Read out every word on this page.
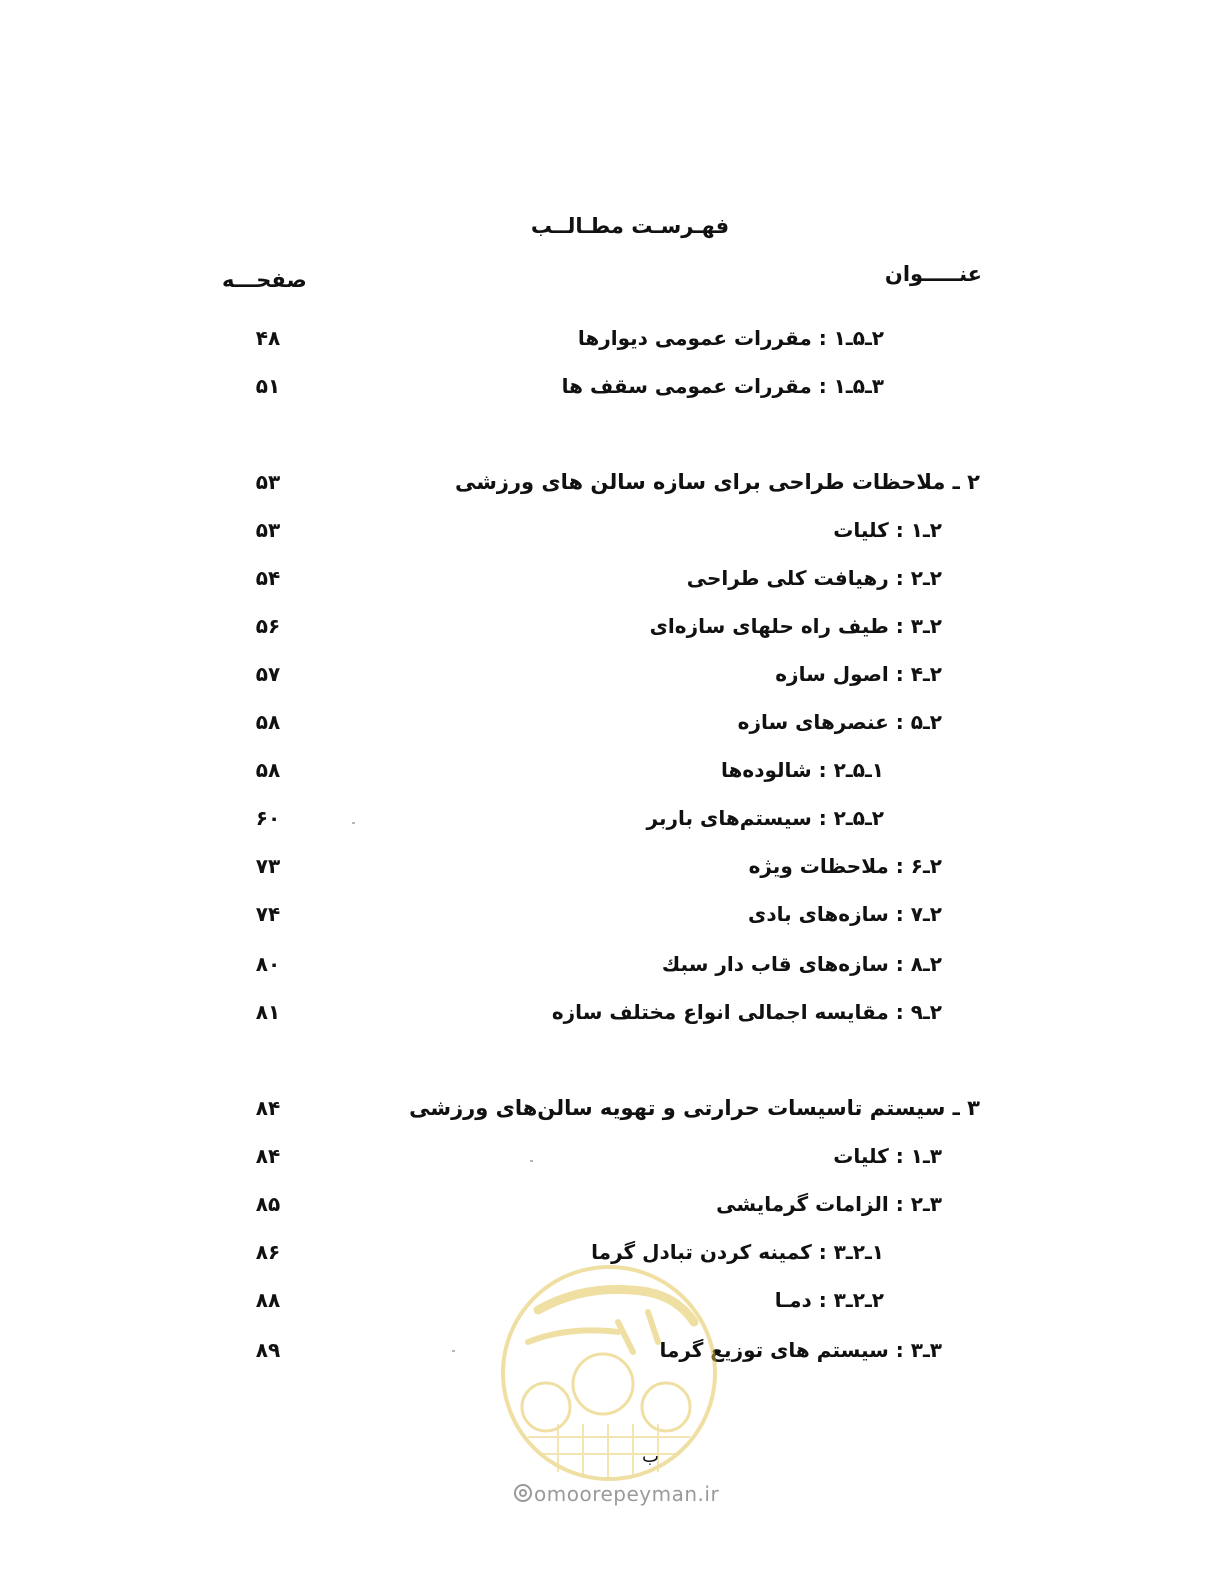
فهـرسـت مطـالــب
عنـــــوان
صفحـــه
۲ـ۵ـ۱ : مقررات عمومی دیوارها
۴۸
۳ـ۵ـ۱ : مقررات عمومی سقف ها
۵۱
۲ ـ ملاحظات طراحی برای سازه سالن های ورزشی
۵۳
۲ـ۱ : کلیات
۵۳
۲ـ۲ : رهیافت کلی طراحی
۵۴
۲ـ۳ : طیف راه حلهای سازه‌ای
۵۶
۲ـ۴ : اصول سازه
۵۷
۲ـ۵ : عنصرهای سازه
۵۸
۱ـ۵ـ۲ : شالوده‌ها
۵۸
۲ـ۵ـ۲ : سیستم‌های باربر
۶۰
۲ـ۶ : ملاحظات ویژه
۷۳
۲ـ۷ : سازه‌های بادی
۷۴
۲ـ۸ : سازه‌های قاب دار سبك
۸۰
۲ـ۹ : مقایسه اجمالی انواع مختلف سازه
۸۱
۳ ـ سیستم تاسیسات حرارتی و تهویه سالن‌های ورزشی
۸۴
۳ـ۱ : کلیات
۸۴
۳ـ۲ : الزامات گرمایشی
۸۵
۱ـ۲ـ۳ : کمینه کردن تبادل گرما
۸۶
۲ـ۲ـ۳ : دمـا
۸۸
۳ـ۳ : سیستم های توزیع گرما
۸۹
ب
omoorepeyman.ir
